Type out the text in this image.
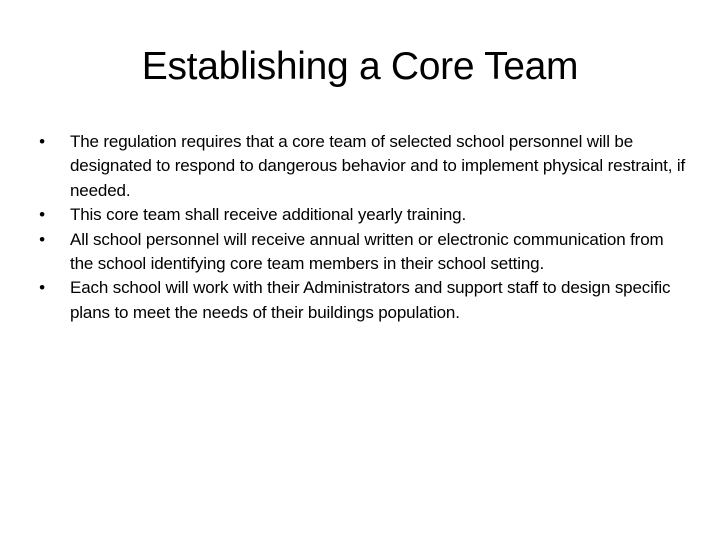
Establishing a Core Team
• The regulation requires that a core team of selected school personnel will be designated to respond to dangerous behavior and to implement physical restraint, if needed.
• This core team shall receive additional yearly training.
• All school personnel will receive annual written or electronic communication from the school identifying core team members in their school setting.
• Each school will work with their Administrators and support staff to design specific plans to meet the needs of their buildings population.
